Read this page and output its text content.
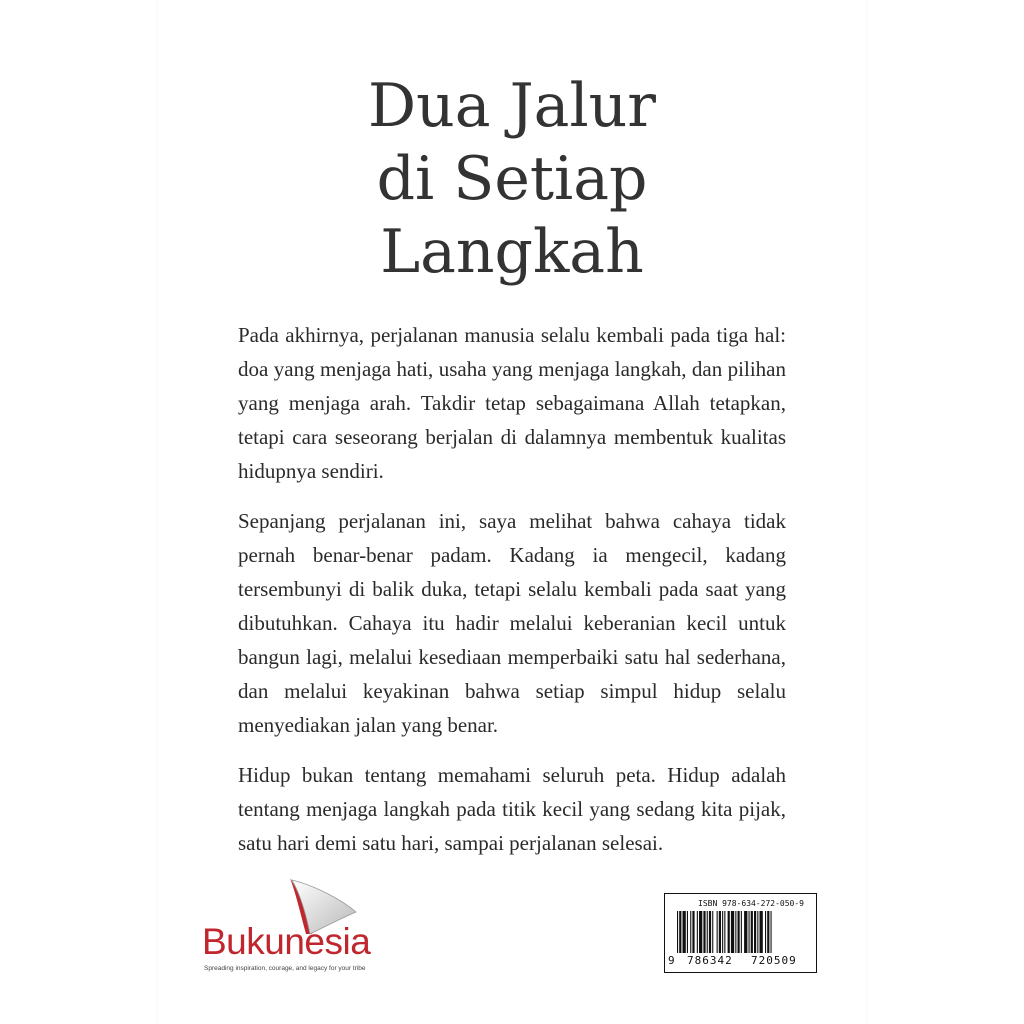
Dua Jalur
di Setiap
Langkah

Pada akhirnya, perjalanan manusia selalu kembali pada tiga hal: doa yang menjaga hati, usaha yang menjaga langkah, dan pilihan yang menjaga arah. Takdir tetap sebagaimana Allah tetapkan, tetapi cara seseorang berjalan di dalamnya membentuk kualitas hidupnya sendiri.

Sepanjang perjalanan ini, saya melihat bahwa cahaya tidak pernah benar-benar padam. Kadang ia mengecil, kadang tersembunyi di balik duka, tetapi selalu kembali pada saat yang dibutuhkan. Cahaya itu hadir melalui keberanian kecil untuk bangun lagi, melalui kesediaan memperbaiki satu hal sederhana, dan melalui keyakinan bahwa setiap simpul hidup selalu menyediakan jalan yang benar.

Hidup bukan tentang memahami seluruh peta. Hidup adalah tentang menjaga langkah pada titik kecil yang sedang kita pijak, satu hari demi satu hari, sampai perjalanan selesai.

Bukunesia
Spreading inspiration, courage, and legacy for your tribe
ISBN 978-634-272-050-9
9 786342 720509
